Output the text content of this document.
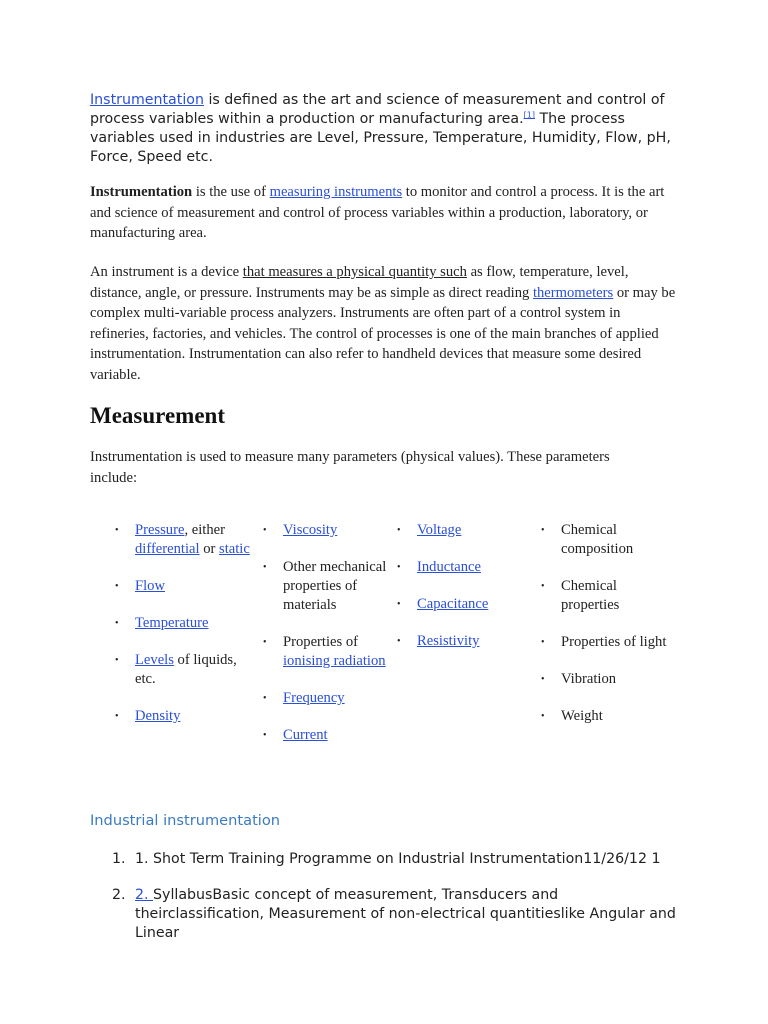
Instrumentation is defined as the art and science of measurement and control of process variables within a production or manufacturing area.[1] The process variables used in industries are Level, Pressure, Temperature, Humidity, Flow, pH, Force, Speed etc.

Instrumentation is the use of measuring instruments to monitor and control a process. It is the art and science of measurement and control of process variables within a production, laboratory, or manufacturing area.

An instrument is a device that measures a physical quantity such as flow, temperature, level, distance, angle, or pressure. Instruments may be as simple as direct reading thermometers or may be complex multi-variable process analyzers. Instruments are often part of a control system in refineries, factories, and vehicles. The control of processes is one of the main branches of applied instrumentation. Instrumentation can also refer to handheld devices that measure some desired variable.

Measurement

Instrumentation is used to measure many parameters (physical values). These parameters include:

• Pressure, either differential or static
• Flow
• Temperature
• Levels of liquids, etc.
• Density
• Viscosity
• Other mechanical properties of materials
• Properties of ionising radiation
• Frequency
• Current
• Voltage
• Inductance
• Capacitance
• Resistivity
• Chemical composition
• Chemical properties
• Properties of light
• Vibration
• Weight
Industrial instrumentation
1. 1. Shot Term Training Programme on Industrial Instrumentation11/26/12 1
2. 2. SyllabusBasic concept of measurement, Transducers and theirclassification, Measurement of non-electrical quantitieslike Angular and Linear
